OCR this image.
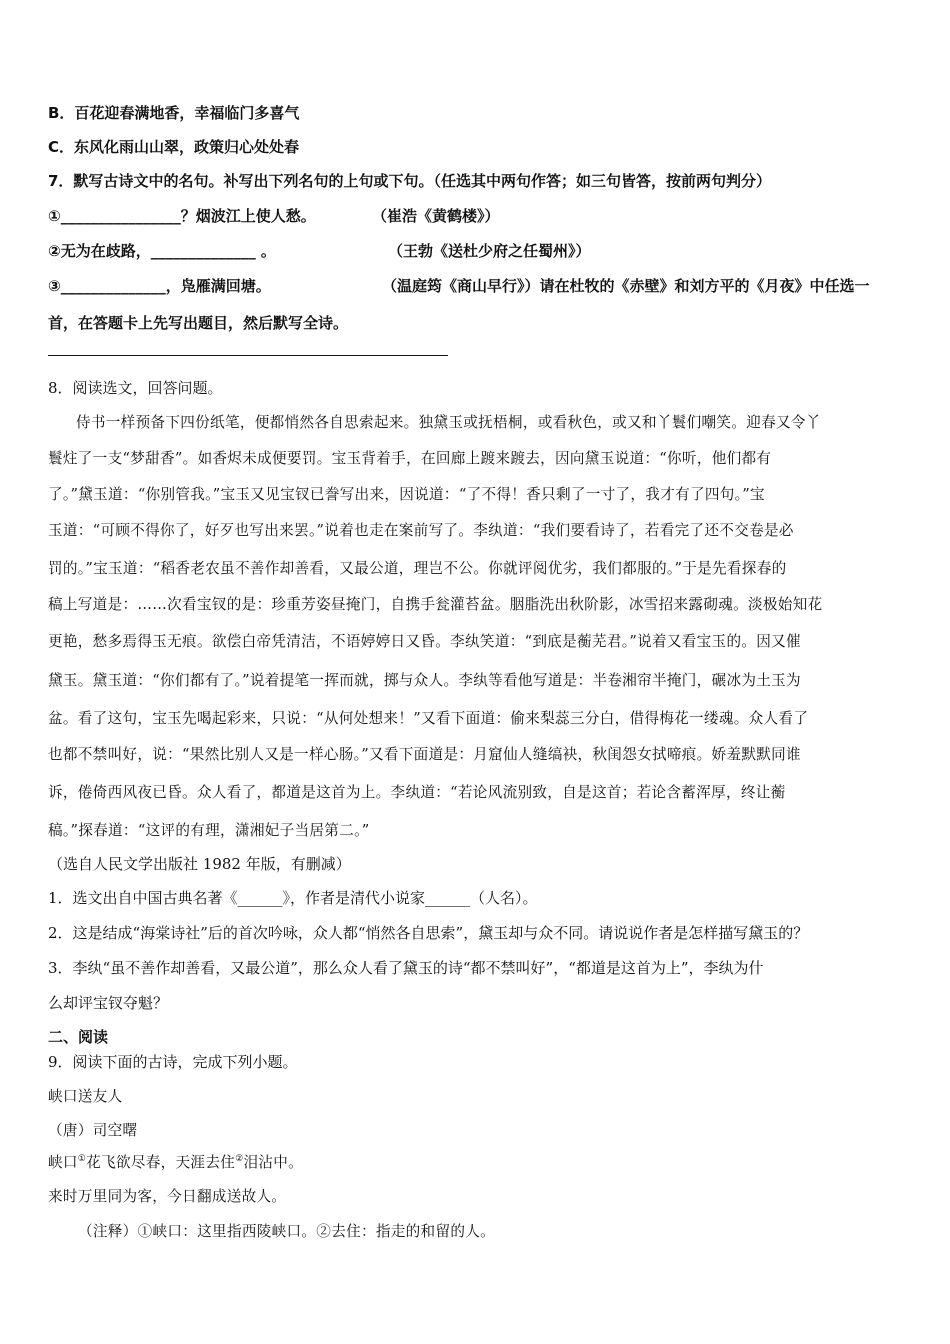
B．百花迎春满地香，幸福临门多喜气

C．东风化雨山山翠，政策归心处处春

7．默写古诗文中的名句。补写出下列名句的上句或下句。（任选其中两句作答；如三句皆答，按前两句判分）

①________________？烟波江上使人愁。	（崔浩《黄鹤楼》）

②无为在歧路，______________ 。	（王勃《送杜少府之任蜀州》）

③______________，凫雁满回塘。	（温庭筠《商山早行》）请在杜牧的《赤壁》和刘方平的《月夜》中任选一

首，在答题卡上先写出题目，然后默写全诗。

8．阅读选文，回答问题。

侍书一样预备下四份纸笔，便都悄然各自思索起来。独黛玉或抚梧桐，或看秋色，或又和丫鬟们嘲笑。迎春又令丫

鬟炷了一支“梦甜香”。如香烬未成便要罚。宝玉背着手，在回廊上踱来踱去，因向黛玉说道：“你听，他们都有

了。”黛玉道：“你别管我。”宝玉又见宝钗已誊写出来，因说道：“了不得！香只剩了一寸了，我才有了四句。”宝

玉道：“可顾不得你了，好歹也写出来罢。”说着也走在案前写了。李纨道：“我们要看诗了，若看完了还不交卷是必

罚的。”宝玉道：“稻香老农虽不善作却善看，又最公道，理岂不公。你就评阅优劣，我们都服的。”于是先看探春的

稿上写道是：……次看宝钗的是：珍重芳姿昼掩门，自携手瓮灌苔盆。胭脂洗出秋阶影，冰雪招来露砌魂。淡极始知花

更艳，愁多焉得玉无痕。欲偿白帝凭清洁，不语婷婷日又昏。李纨笑道：“到底是蘅芜君。”说着又看宝玉的。因又催

黛玉。黛玉道：“你们都有了。”说着提笔一挥而就，掷与众人。李纨等看他写道是：半卷湘帘半掩门，碾冰为土玉为

盆。看了这句，宝玉先喝起彩来，只说：“从何处想来！”又看下面道：偷来梨蕊三分白，借得梅花一缕魂。众人看了

也都不禁叫好，说：“果然比别人又是一样心肠。”又看下面道是：月窟仙人缝缟袂，秋闺怨女拭啼痕。娇羞默默同谁

诉，倦倚西风夜已昏。众人看了，都道是这首为上。李纨道：“若论风流别致，自是这首；若论含蓄浑厚，终让蘅

稿。”探春道：“这评的有理，潇湘妃子当居第二。”

（选自人民文学出版社 1982 年版，有删减）

1．选文出自中国古典名著《______》，作者是清代小说家______（人名）。

2．这是结成“海棠诗社”后的首次吟咏，众人都“悄然各自思索”，黛玉却与众不同。请说说作者是怎样描写黛玉的？

3．李纨“虽不善作却善看，又最公道”，那么众人看了黛玉的诗“都不禁叫好”，“都道是这首为上”，李纨为什

么却评宝钗夺魁？

二、阅读

9．阅读下面的古诗，完成下列小题。

峡口送友人

（唐）司空曙

峡口①花飞欲尽春，天涯去住②泪沾中。

来时万里同为客，今日翻成送故人。

（注释）①峡口：这里指西陵峡口。②去住：指走的和留的人。
